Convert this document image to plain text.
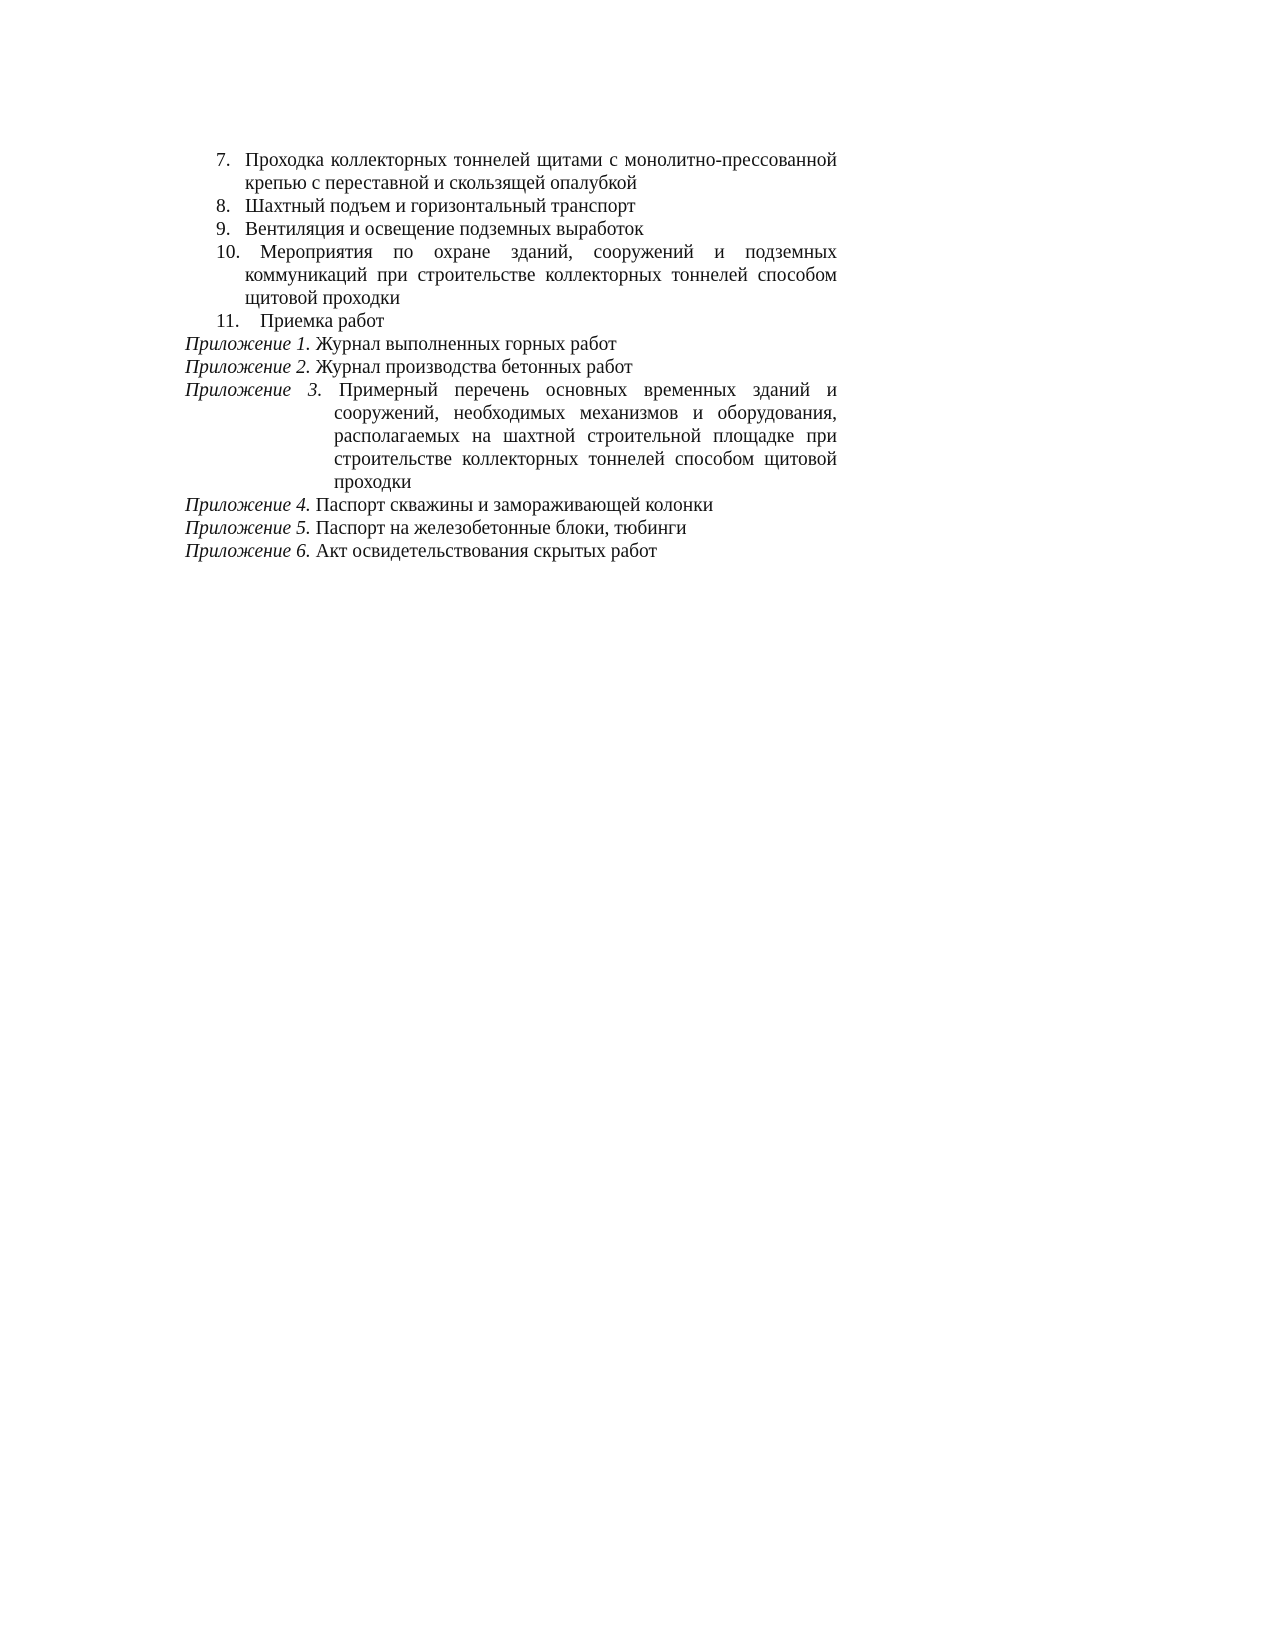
7. Проходка коллекторных тоннелей щитами с монолитно-прессованной крепью с переставной и скользящей опалубкой
8. Шахтный подъем и горизонтальный транспорт
9. Вентиляция и освещение подземных выработок
10.	Мероприятия по охране зданий, сооружений и подземных коммуникаций при строительстве коллекторных тоннелей способом щитовой проходки
11.	Приемка работ
Приложение 1. Журнал выполненных горных работ
Приложение 2. Журнал производства бетонных работ
Приложение 3. Примерный перечень основных временных зданий и сооружений, необходимых механизмов и оборудования, располагаемых на шахтной строительной площадке при строительстве коллекторных тоннелей способом щитовой проходки
Приложение 4. Паспорт скважины и замораживающей колонки
Приложение 5. Паспорт на железобетонные блоки, тюбинги
Приложение 6. Акт освидетельствования скрытых работ
